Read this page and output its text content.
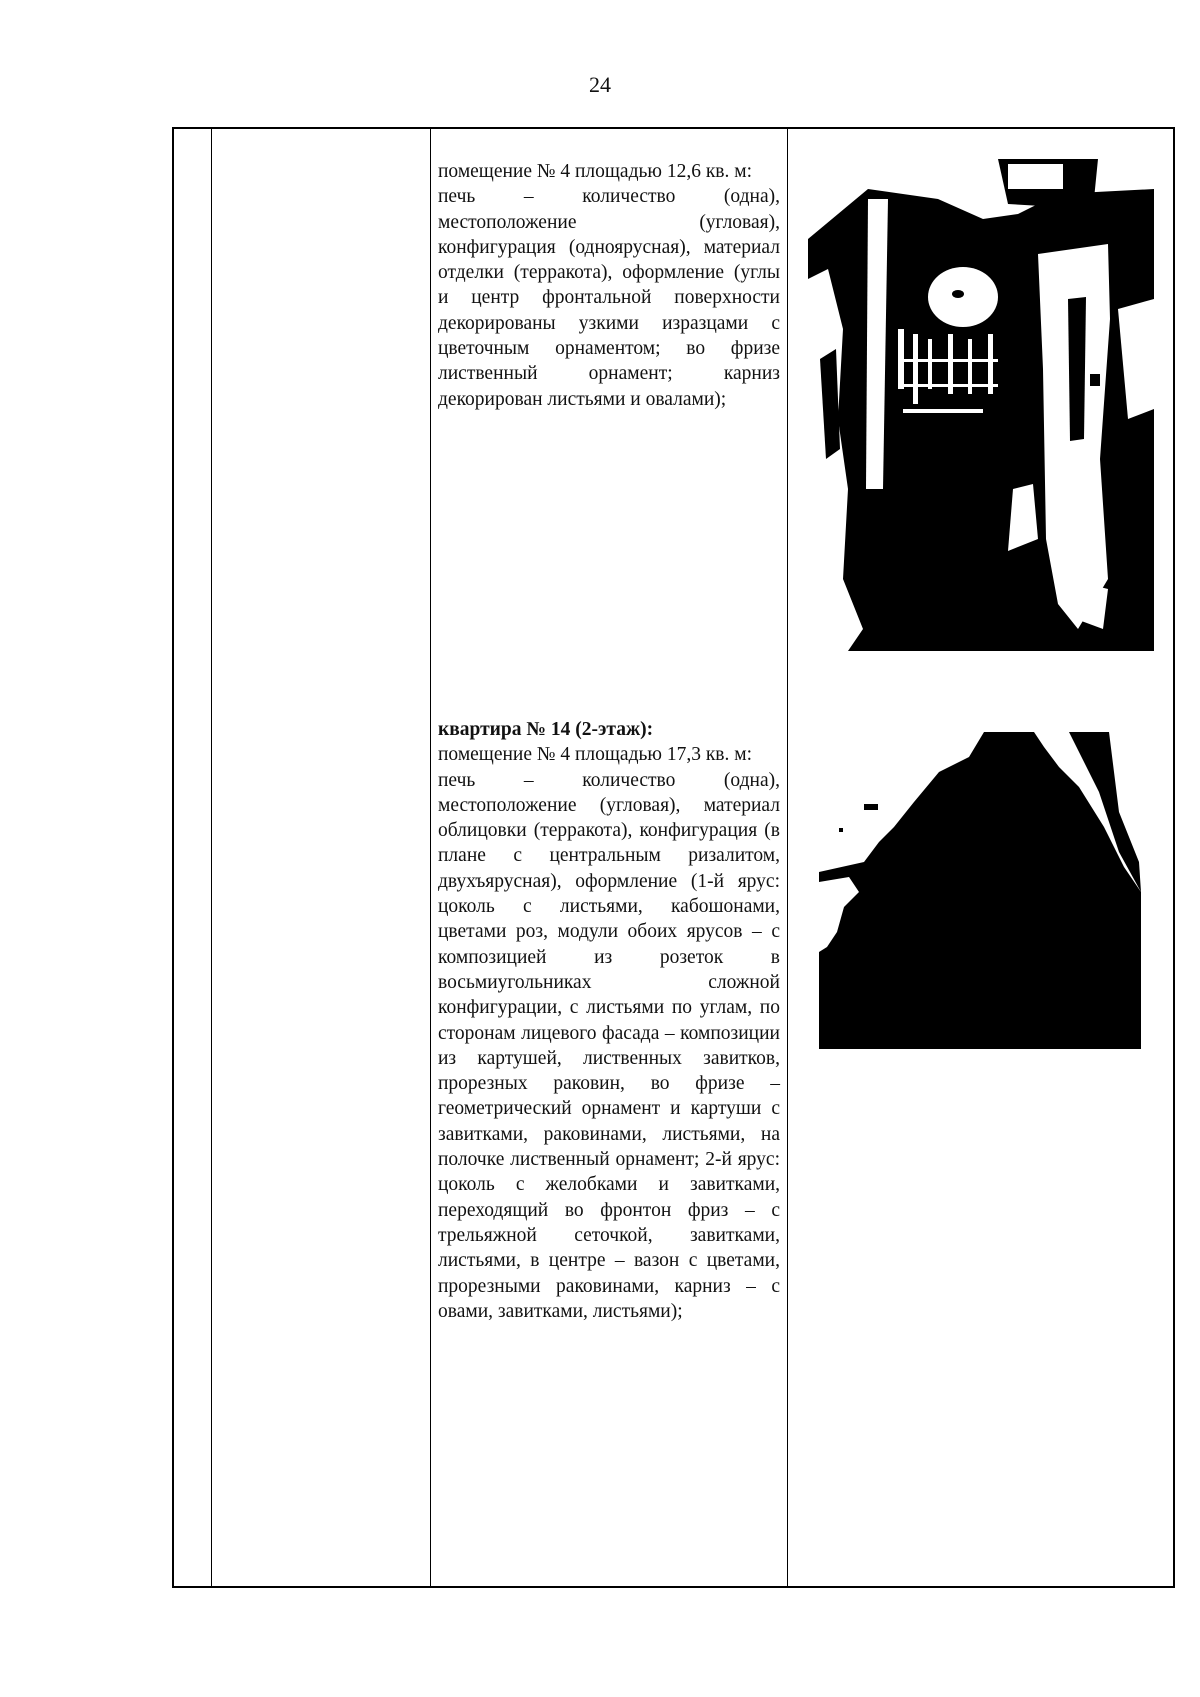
24

помещение № 4 площадью 12,6 кв. м:

печь – количество (одна), местоположение (угловая), конфигурация (одноярусная), материал отделки (терракота), оформление (углы и центр фронтальной поверхности декорированы узкими изразцами с цветочным орнаментом; во фризе лиственный орнамент; карниз декорирован листьями и овалами);

квартира № 14 (2-этаж):

помещение № 4 площадью 17,3 кв. м:

печь – количество (одна), местоположение (угловая), материал облицовки (терракота), конфигурация (в плане с центральным ризалитом, двухъярусная), оформление (1-й ярус: цоколь с листьями, кабошонами, цветами роз, модули обоих ярусов – с композицией из розеток в восьмиугольниках сложной конфигурации, с листьями по углам, по сторонам лицевого фасада – композиции из картушей, лиственных завитков, прорезных раковин, во фризе – геометрический орнамент и картуши с завитками, раковинами, листьями, на полочке лиственный орнамент; 2-й ярус: цоколь с желобками и завитками, переходящий во фронтон фриз – с трельяжной сеточкой, завитками, листьями, в центре – вазон с цветами, прорезными раковинами, карниз – с овами, завитками, листьями);
